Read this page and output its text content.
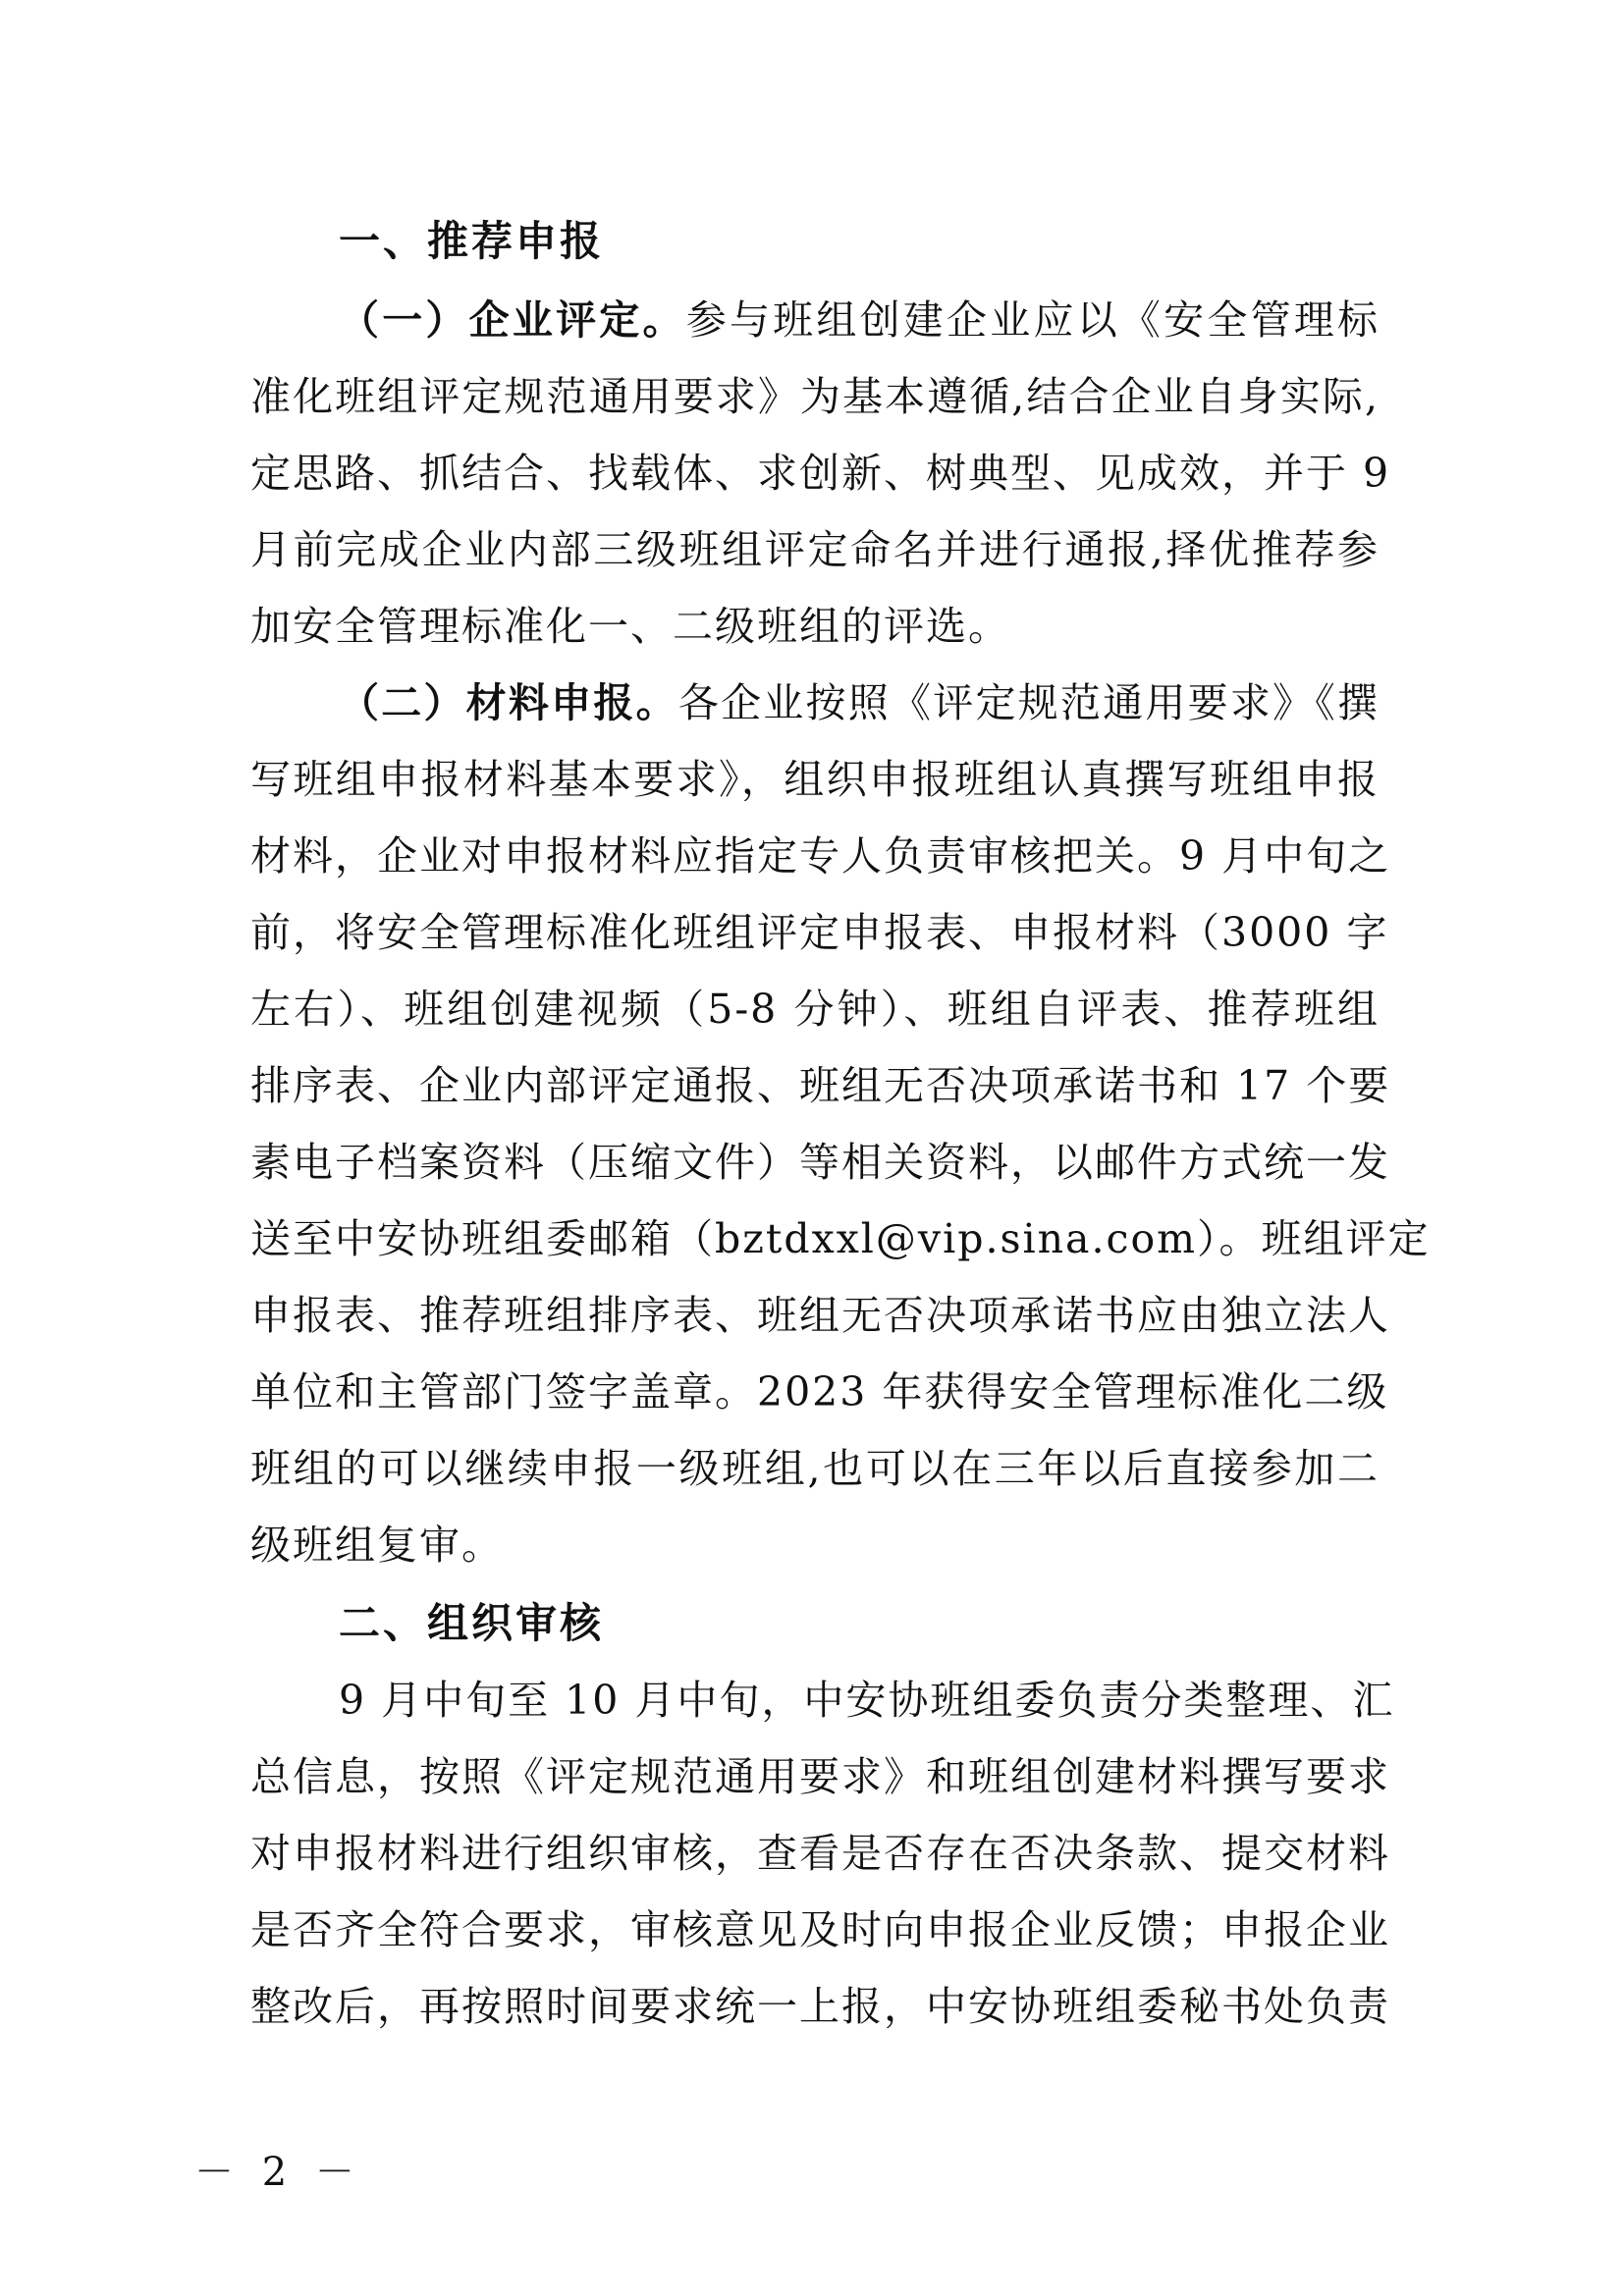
一、推荐申报
（一）企业评定。参与班组创建企业应以《安全管理标
准化班组评定规范通用要求》为基本遵循,结合企业自身实际,
定思路、抓结合、找载体、求创新、树典型、见成效，并于 9
月前完成企业内部三级班组评定命名并进行通报,择优推荐参
加安全管理标准化一、二级班组的评选。
（二）材料申报。各企业按照《评定规范通用要求》《撰
写班组申报材料基本要求》，组织申报班组认真撰写班组申报
材料，企业对申报材料应指定专人负责审核把关。9 月中旬之
前，将安全管理标准化班组评定申报表、申报材料（3000 字
左右）、班组创建视频（5-8 分钟）、班组自评表、推荐班组
排序表、企业内部评定通报、班组无否决项承诺书和 17 个要
素电子档案资料（压缩文件）等相关资料，以邮件方式统一发
送至中安协班组委邮箱（bztdxxl@vip.sina.com）。班组评定
申报表、推荐班组排序表、班组无否决项承诺书应由独立法人
单位和主管部门签字盖章。2023 年获得安全管理标准化二级
班组的可以继续申报一级班组,也可以在三年以后直接参加二
级班组复审。
二、组织审核
9 月中旬至 10 月中旬，中安协班组委负责分类整理、汇
总信息，按照《评定规范通用要求》和班组创建材料撰写要求
对申报材料进行组织审核，查看是否存在否决条款、提交材料
是否齐全符合要求，审核意见及时向申报企业反馈；申报企业
整改后，再按照时间要求统一上报，中安协班组委秘书处负责
－ 2 －
